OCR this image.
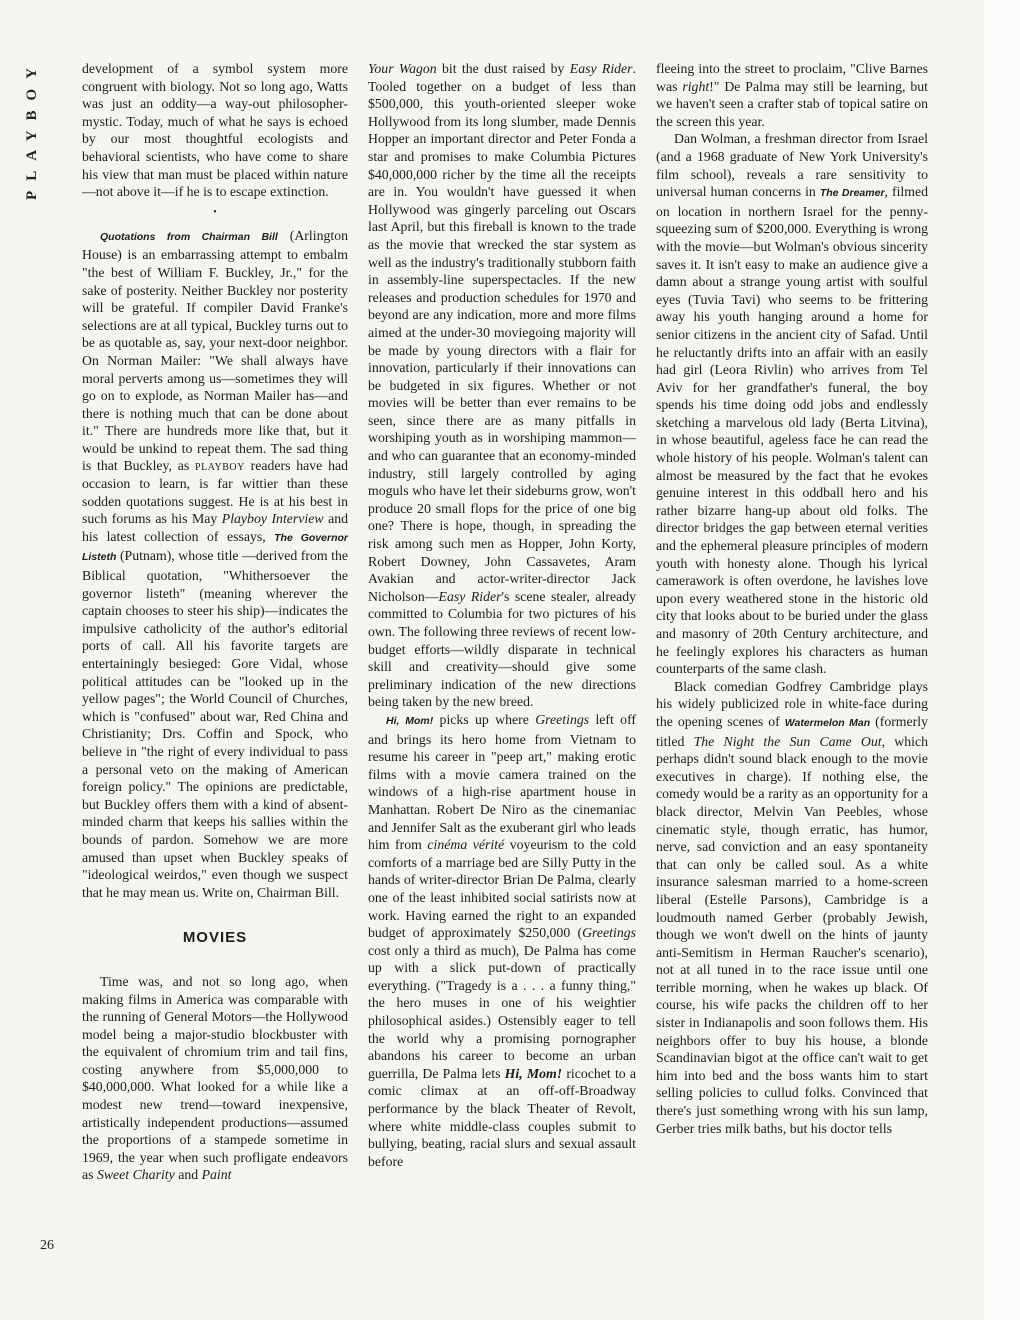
PLAYBOY	development of a symbol system more congruent with biology. Not so long ago, Watts was just an oddity—a way-out philosopher-mystic. Today, much of what he says is echoed by our most thoughtful ecologists and behavioral scientists, who have come to share his view that man must be placed within nature—not above it—if he is to escape extinction.

•

Quotations from Chairman Bill (Arlington House) is an embarrassing attempt to embalm "the best of William F. Buckley, Jr.," for the sake of posterity. Neither Buckley nor posterity will be grateful. If compiler David Franke's selections are at all typical, Buckley turns out to be as quotable as, say, your next-door neighbor. On Norman Mailer: "We shall always have moral perverts among us—sometimes they will go on to explode, as Norman Mailer has—and there is nothing much that can be done about it." There are hundreds more like that, but it would be unkind to repeat them. The sad thing is that Buckley, as playboy readers have had occasion to learn, is far wittier than these sodden quotations suggest. He is at his best in such forums as his May Playboy Interview and his latest collection of essays, The Governor Listeth (Putnam), whose title —derived from the Biblical quotation, "Whithersoever the governor listeth" (meaning wherever the captain chooses to steer his ship)—indicates the impulsive catholicity of the author's editorial ports of call. All his favorite targets are entertainingly besieged: Gore Vidal, whose political attitudes can be "looked up in the yellow pages"; the World Council of Churches, which is "confused" about war, Red China and Christianity; Drs. Coffin and Spock, who believe in "the right of every individual to pass a personal veto on the making of American foreign policy." The opinions are predictable, but Buckley offers them with a kind of absent-minded charm that keeps his sallies within the bounds of pardon. Somehow we are more amused than upset when Buckley speaks of "ideological weirdos," even though we suspect that he may mean us. Write on, Chairman Bill.

MOVIES

Time was, and not so long ago, when making films in America was comparable with the running of General Motors—the Hollywood model being a major-studio blockbuster with the equivalent of chromium trim and tail fins, costing anywhere from $5,000,000 to $40,000,000. What looked for a while like a modest new trend—toward inexpensive, artistically independent productions—assumed the proportions of a stampede sometime in 1969, the year when such profligate endeavors as Sweet Charity and Paint

Your Wagon bit the dust raised by Easy Rider. Tooled together on a budget of less than $500,000, this youth-oriented sleeper woke Hollywood from its long slumber, made Dennis Hopper an important director and Peter Fonda a star and promises to make Columbia Pictures $40,000,000 richer by the time all the receipts are in. You wouldn't have guessed it when Hollywood was gingerly parceling out Oscars last April, but this fireball is known to the trade as the movie that wrecked the star system as well as the industry's traditionally stubborn faith in assembly-line superspectacles. If the new releases and production schedules for 1970 and beyond are any indication, more and more films aimed at the under-30 moviegoing majority will be made by young directors with a flair for innovation, particularly if their innovations can be budgeted in six figures. Whether or not movies will be better than ever remains to be seen, since there are as many pitfalls in worshiping youth as in worshiping mammon—and who can guarantee that an economy-minded industry, still largely controlled by aging moguls who have let their sideburns grow, won't produce 20 small flops for the price of one big one? There is hope, though, in spreading the risk among such men as Hopper, John Korty, Robert Downey, John Cassavetes, Aram Avakian and actor-writer-director Jack Nicholson—Easy Rider's scene stealer, already committed to Columbia for two pictures of his own. The following three reviews of recent low-budget efforts—wildly disparate in technical skill and creativity—should give some preliminary indication of the new directions being taken by the new breed.

Hi, Mom! picks up where Greetings left off and brings its hero home from Vietnam to resume his career in "peep art," making erotic films with a movie camera trained on the windows of a high-rise apartment house in Manhattan. Robert De Niro as the cinemaniac and Jennifer Salt as the exuberant girl who leads him from cinéma vérité voyeurism to the cold comforts of a marriage bed are Silly Putty in the hands of writer-director Brian De Palma, clearly one of the least inhibited social satirists now at work. Having earned the right to an expanded budget of approximately $250,000 (Greetings cost only a third as much), De Palma has come up with a slick put-down of practically everything. ("Tragedy is a . . . a funny thing," the hero muses in one of his weightier philosophical asides.) Ostensibly eager to tell the world why a promising pornographer abandons his career to become an urban guerrilla, De Palma lets Hi, Mom! ricochet to a comic climax at an off-off-Broadway performance by the black Theater of Revolt, where white middle-class couples submit to bullying, beating, racial slurs and sexual assault before

fleeing into the street to proclaim, "Clive Barnes was right!" De Palma may still be learning, but we haven't seen a crafter stab of topical satire on the screen this year.

Dan Wolman, a freshman director from Israel (and a 1968 graduate of New York University's film school), reveals a rare sensitivity to universal human concerns in The Dreamer, filmed on location in northern Israel for the penny-squeezing sum of $200,000. Everything is wrong with the movie—but Wolman's obvious sincerity saves it. It isn't easy to make an audience give a damn about a strange young artist with soulful eyes (Tuvia Tavi) who seems to be frittering away his youth hanging around a home for senior citizens in the ancient city of Safad. Until he reluctantly drifts into an affair with an easily had girl (Leora Rivlin) who arrives from Tel Aviv for her grandfather's funeral, the boy spends his time doing odd jobs and endlessly sketching a marvelous old lady (Berta Litvina), in whose beautiful, ageless face he can read the whole history of his people. Wolman's talent can almost be measured by the fact that he evokes genuine interest in this oddball hero and his rather bizarre hang-up about old folks. The director bridges the gap between eternal verities and the ephemeral pleasure principles of modern youth with honesty alone. Though his lyrical camerawork is often overdone, he lavishes love upon every weathered stone in the historic old city that looks about to be buried under the glass and masonry of 20th Century architecture, and he feelingly explores his characters as human counterparts of the same clash.

Black comedian Godfrey Cambridge plays his widely publicized role in white-face during the opening scenes of Watermelon Man (formerly titled The Night the Sun Came Out, which perhaps didn't sound black enough to the movie executives in charge). If nothing else, the comedy would be a rarity as an opportunity for a black director, Melvin Van Peebles, whose cinematic style, though erratic, has humor, nerve, sad conviction and an easy spontaneity that can only be called soul. As a white insurance salesman married to a home-screen liberal (Estelle Parsons), Cambridge is a loudmouth named Gerber (probably Jewish, though we won't dwell on the hints of jaunty anti-Semitism in Herman Raucher's scenario), not at all tuned in to the race issue until one terrible morning, when he wakes up black. Of course, his wife packs the children off to her sister in Indianapolis and soon follows them. His neighbors offer to buy his house, a blonde Scandinavian bigot at the office can't wait to get him into bed and the boss wants him to start selling policies to cullud folks. Convinced that there's just something wrong with his sun lamp, Gerber tries milk baths, but his doctor tells

26
